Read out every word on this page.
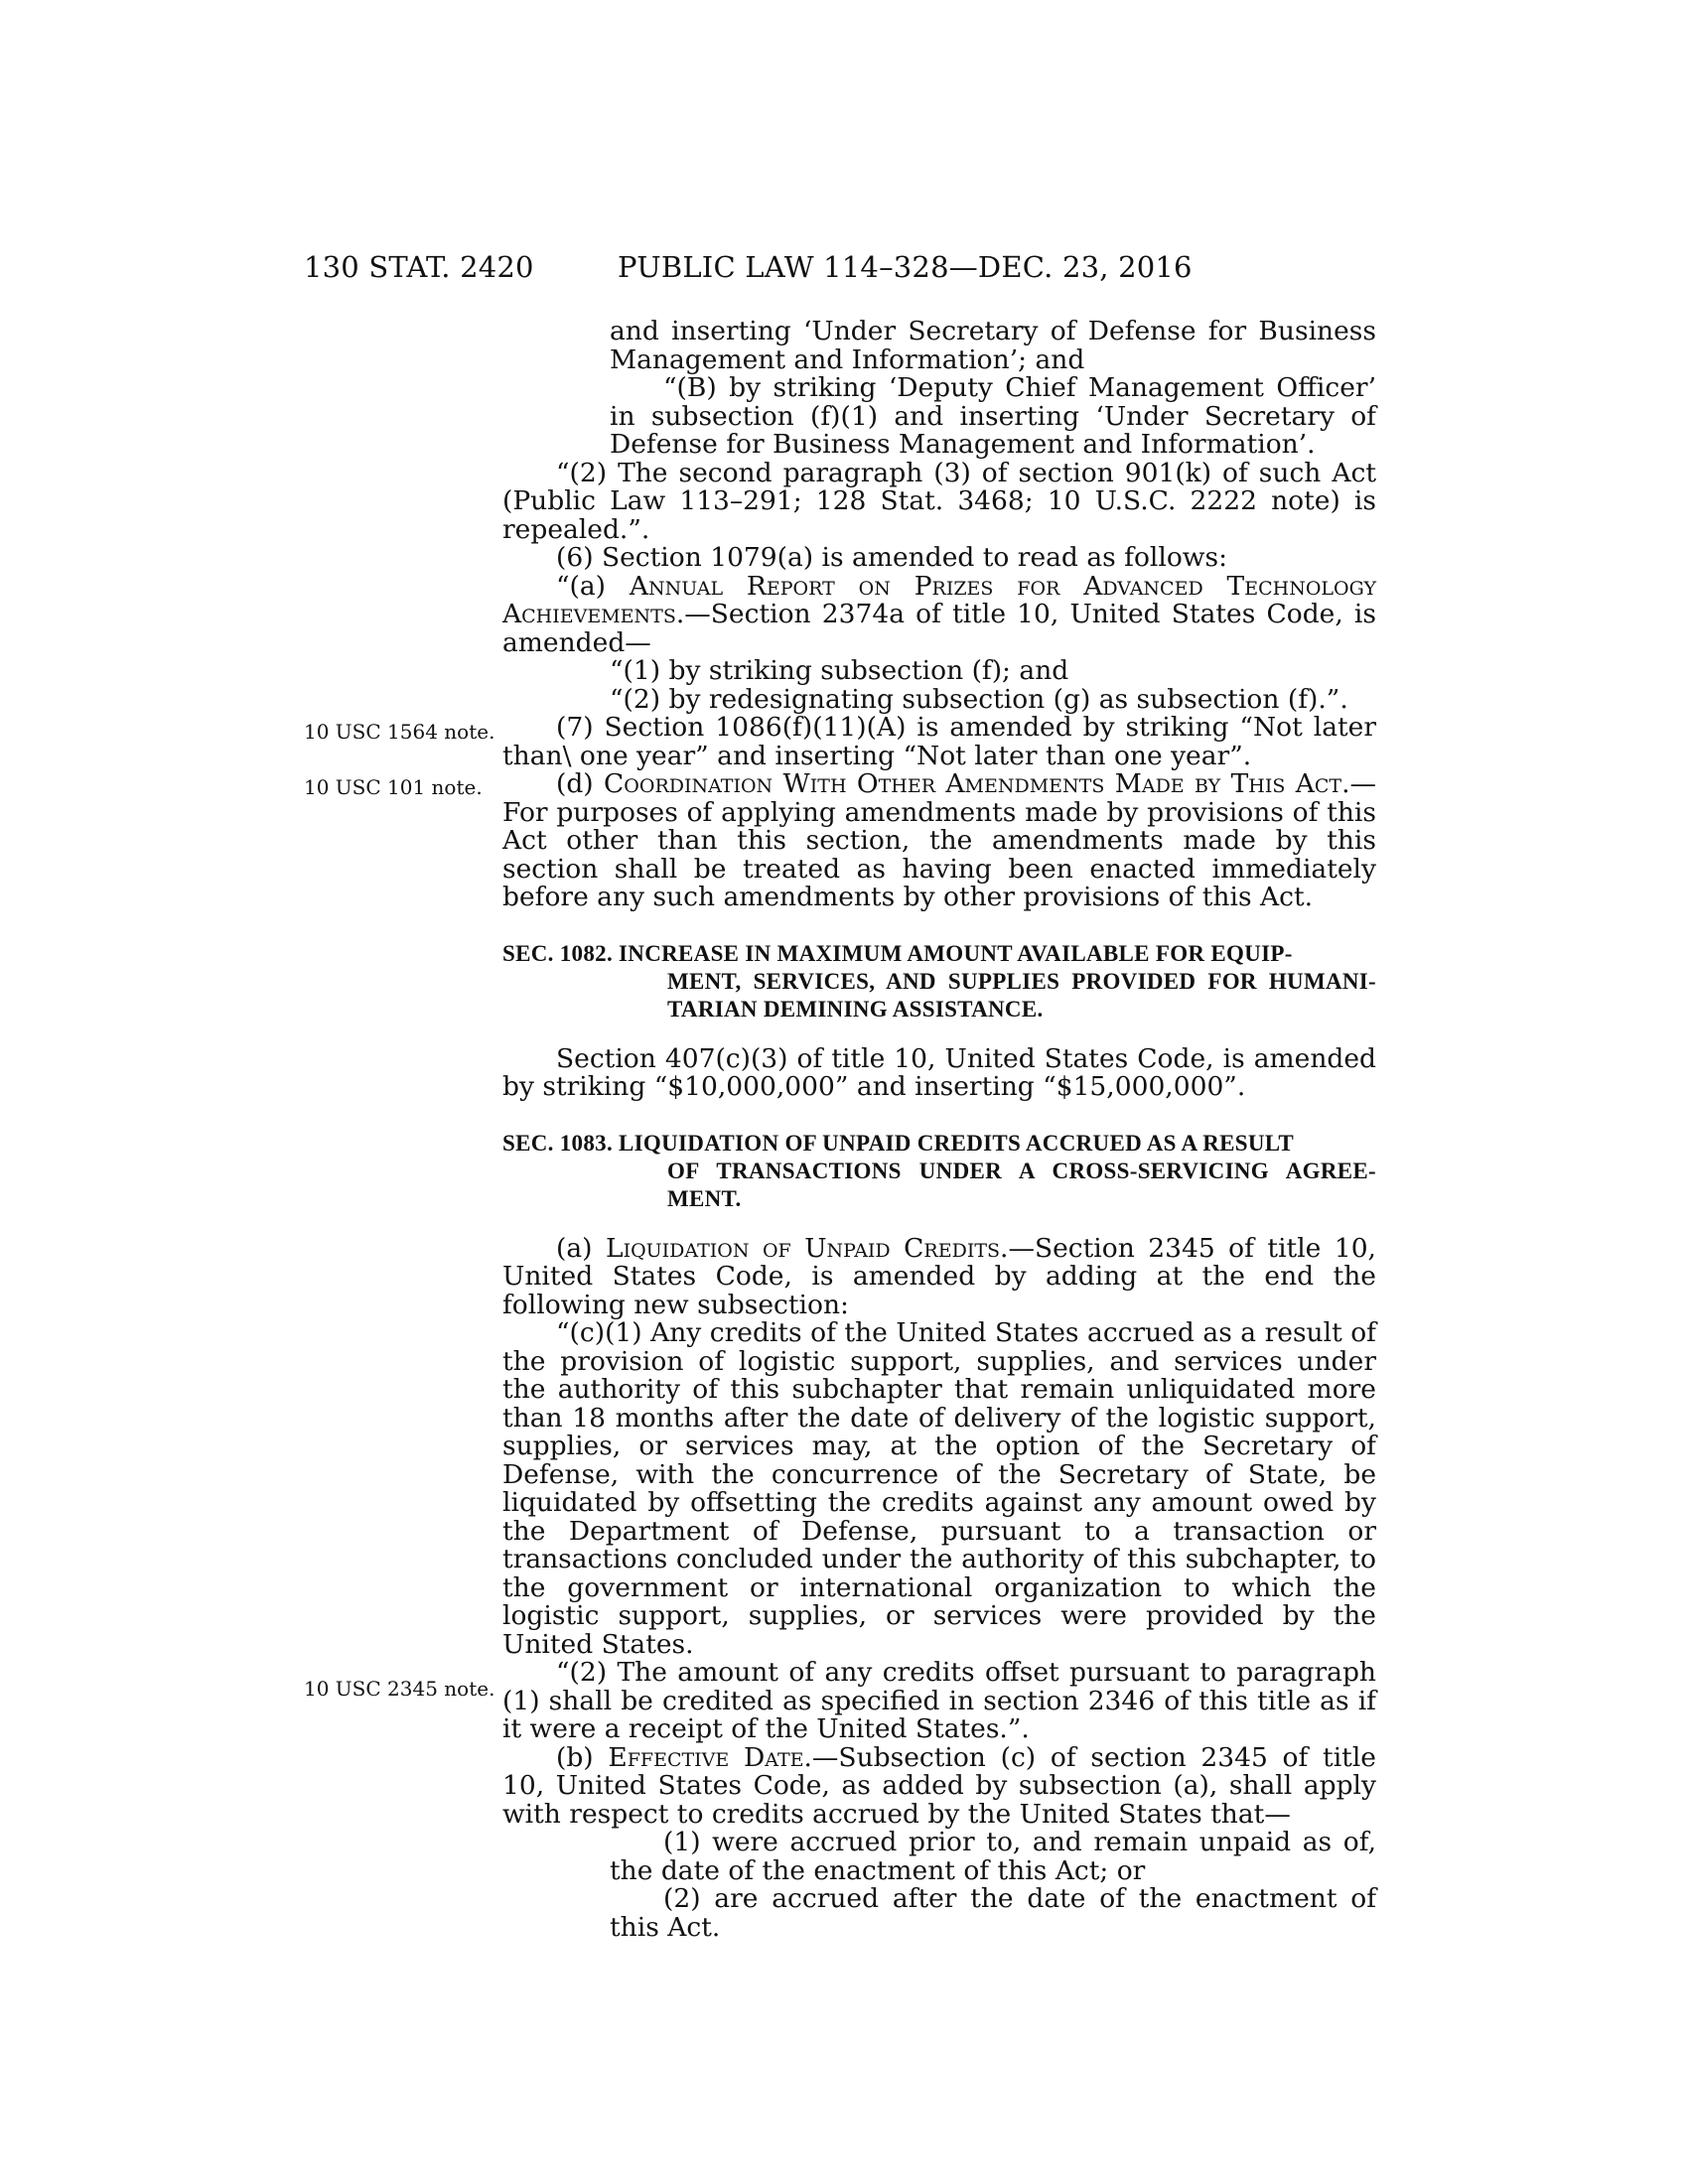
130 STAT. 2420	PUBLIC LAW 114–328—DEC. 23, 2016
10 USC 1564 note.
10 USC 101 note.
10 USC 2345 note.

and inserting ‘Under Secretary of Defense for Business Management and Information’; and

“(B) by striking ‘Deputy Chief Management Officer’ in subsection (f)(1) and inserting ‘Under Secretary of Defense for Business Management and Information’.

“(2) The second paragraph (3) of section 901(k) of such Act (Public Law 113–291; 128 Stat. 3468; 10 U.S.C. 2222 note) is repealed.”.

(6) Section 1079(a) is amended to read as follows:

“(a) Annual Report on Prizes for Advanced Technology Achievements.—Section 2374a of title 10, United States Code, is amended—

“(1) by striking subsection (f); and

“(2) by redesignating subsection (g) as subsection (f).”.

(7) Section 1086(f)(11)(A) is amended by striking “Not later than\ one year” and inserting “Not later than one year”.

(d) Coordination With Other Amendments Made by This Act.—For purposes of applying amendments made by provisions of this Act other than this section, the amendments made by this section shall be treated as having been enacted immediately before any such amendments by other provisions of this Act.

SEC. 1082. INCREASE IN MAXIMUM AMOUNT AVAILABLE FOR EQUIP-
MENT, SERVICES, AND SUPPLIES PROVIDED FOR HUMANI- TARIAN DEMINING ASSISTANCE.

Section 407(c)(3) of title 10, United States Code, is amended by striking “$10,000,000” and inserting “$15,000,000”.

SEC. 1083. LIQUIDATION OF UNPAID CREDITS ACCRUED AS A RESULT
OF TRANSACTIONS UNDER A CROSS-SERVICING AGREE- MENT.

(a) Liquidation of Unpaid Credits.—Section 2345 of title 10, United States Code, is amended by adding at the end the following new subsection:

“(c)(1) Any credits of the United States accrued as a result of the provision of logistic support, supplies, and services under the authority of this subchapter that remain unliquidated more than 18 months after the date of delivery of the logistic support, supplies, or services may, at the option of the Secretary of Defense, with the concurrence of the Secretary of State, be liquidated by offsetting the credits against any amount owed by the Department of Defense, pursuant to a transaction or transactions concluded under the authority of this subchapter, to the government or international organization to which the logistic support, supplies, or services were provided by the United States.

“(2) The amount of any credits offset pursuant to paragraph (1) shall be credited as specified in section 2346 of this title as if it were a receipt of the United States.”.

(b) Effective Date.—Subsection (c) of section 2345 of title 10, United States Code, as added by subsection (a), shall apply with respect to credits accrued by the United States that—

(1) were accrued prior to, and remain unpaid as of, the date of the enactment of this Act; or

(2) are accrued after the date of the enactment of this Act.
